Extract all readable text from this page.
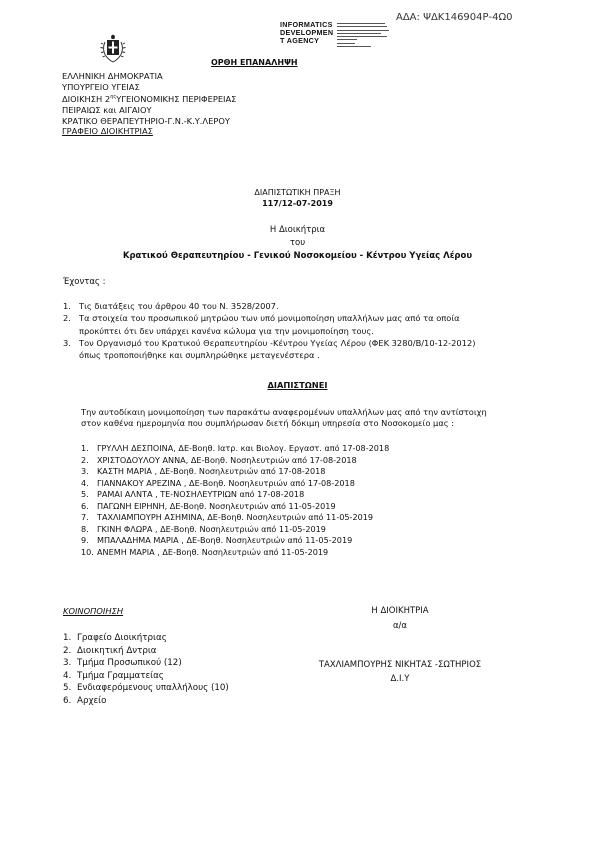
ΑΔΑ: ΨΔΚ146904Ρ-4Ω0
INFORMATICS
DEVELOPMEN
T AGENCY
ΟΡΘΗ ΕΠΑΝΑΛΗΨΗ
ΕΛΛΗΝΙΚΗ ΔΗΜΟΚΡΑΤΙΑ
ΥΠΟΥΡΓΕΙΟ ΥΓΕΙΑΣ
ΔΙΟΙΚΗΣΗ $2^{\eta\varsigma}\Upsilon\Gamma EIONOMIKH\Sigma$ ΠΕΡΙΦΕΡΕΙΑΣ
ΠΕΙΡΑΙΩΣ και ΑΙΓΑΙΟΥ
ΚΡΑΤΙΚΟ ΘΕΡΑΠΕΥΤΗΡΙΟ-Γ.Ν.-Κ.Υ.ΛΕΡΟΥ
ΓΡΑΦΕΙΟ ΔΙΟΙΚΗΤΡΙΑΣ
ΔΙΑΠΙΣΤΩΤΙΚΗ ΠΡΑΞΗ
117/12-07-2019
Η Διοικήτρια
του
Κρατικού Θεραπευτηρίου - Γενικού Νοσοκομείου - Κέντρου Υγείας Λέρου
Έχοντας :
1. Τις διατάξεις του άρθρου 40 του Ν. 3528/2007.
2. Τα στοιχεία του προσωπικού μητρώου των υπό μονιμοποίηση υπαλλήλων μας από τα οποία
προκύπτει ότι δεν υπάρχει κανένα κώλυμα για την μονιμοποίηση τους.
3. Τον Οργανισμό του Κρατικού Θεραπευτηρίου -Κέντρου Υγείας Λέρου (ΦΕΚ 3280/Β/10-12-2012)
όπως τροποποιήθηκε και συμπληρώθηκε μεταγενέστερα .
ΔΙΑΠΙΣΤΩΝΕΙ
Την αυτοδίκαιη μονιμοποίηση των παρακάτω αναφερομένων υπαλλήλων μας από την αντίστοιχη
στον καθένα ημερομηνία που συμπλήρωσαν διετή δόκιμη υπηρεσία στο Νοσοκομείο μας :
1.	ΓΡΥΛΛΗ ΔΕΣΠΟΙΝΑ, ΔΕ-Βοηθ. Ιατρ. και Βιολογ. Εργαστ. από 17-08-2018
2.	ΧΡΙΣΤΟΔΟΥΛΟΥ ΑΝΝΑ, ΔΕ-Βοηθ. Νοσηλευτριών από 17-08-2018
3.	ΚΑΣΤΗ ΜΑΡΙΑ , ΔΕ-Βοηθ. Νοσηλευτριών από 17-08-2018
4.	ΓΙΑΝΝΑΚΟΥ ΑΡΕΖΙΝΑ , ΔΕ-Βοηθ. Νοσηλευτριών από 17-08-2018
5.	ΡΑΜΑΙ ΑΛΝΤΑ , ΤΕ-ΝΟΣΗΛΕΥΤΡΙΩΝ από 17-08-2018
6.	ΠΑΓΩΝΗ ΕΙΡΗΝΗ, ΔΕ-Βοηθ. Νοσηλευτριών από 11-05-2019
7.	ΤΑΧΛΙΑΜΠΟΥΡΗ ΑΣΗΜΙΝΑ, ΔΕ-Βοηθ. Νοσηλευτριών από 11-05-2019
8.	ΓΚΙΝΗ ΦΛΩΡΑ , ΔΕ-Βοηθ. Νοσηλευτριών από 11-05-2019
9.	ΜΠΑΛΑΔΗΜΑ ΜΑΡΙΑ , ΔΕ-Βοηθ. Νοσηλευτριών από 11-05-2019
10. ΑΝΕΜΗ ΜΑΡΙΑ , ΔΕ-Βοηθ. Νοσηλευτριών από 11-05-2019
ΚΟΙΝΟΠΟΙΗΣΗ
1. Γραφείο Διοικήτριας
2. Διοικητική Δντρια
3. Τμήμα Προσωπικού (12)
4. Τμήμα Γραμματείας
5. Ενδιαφερόμενους υπαλλήλους (10)
6. Αρχείο
Η ΔΙΟΙΚΗΤΡΙΑ
α/α
ΤΑΧΛΙΑΜΠΟΥΡΗΣ ΝΙΚΗΤΑΣ -ΣΩΤΗΡΙΟΣ
Δ.Ι.Υ
